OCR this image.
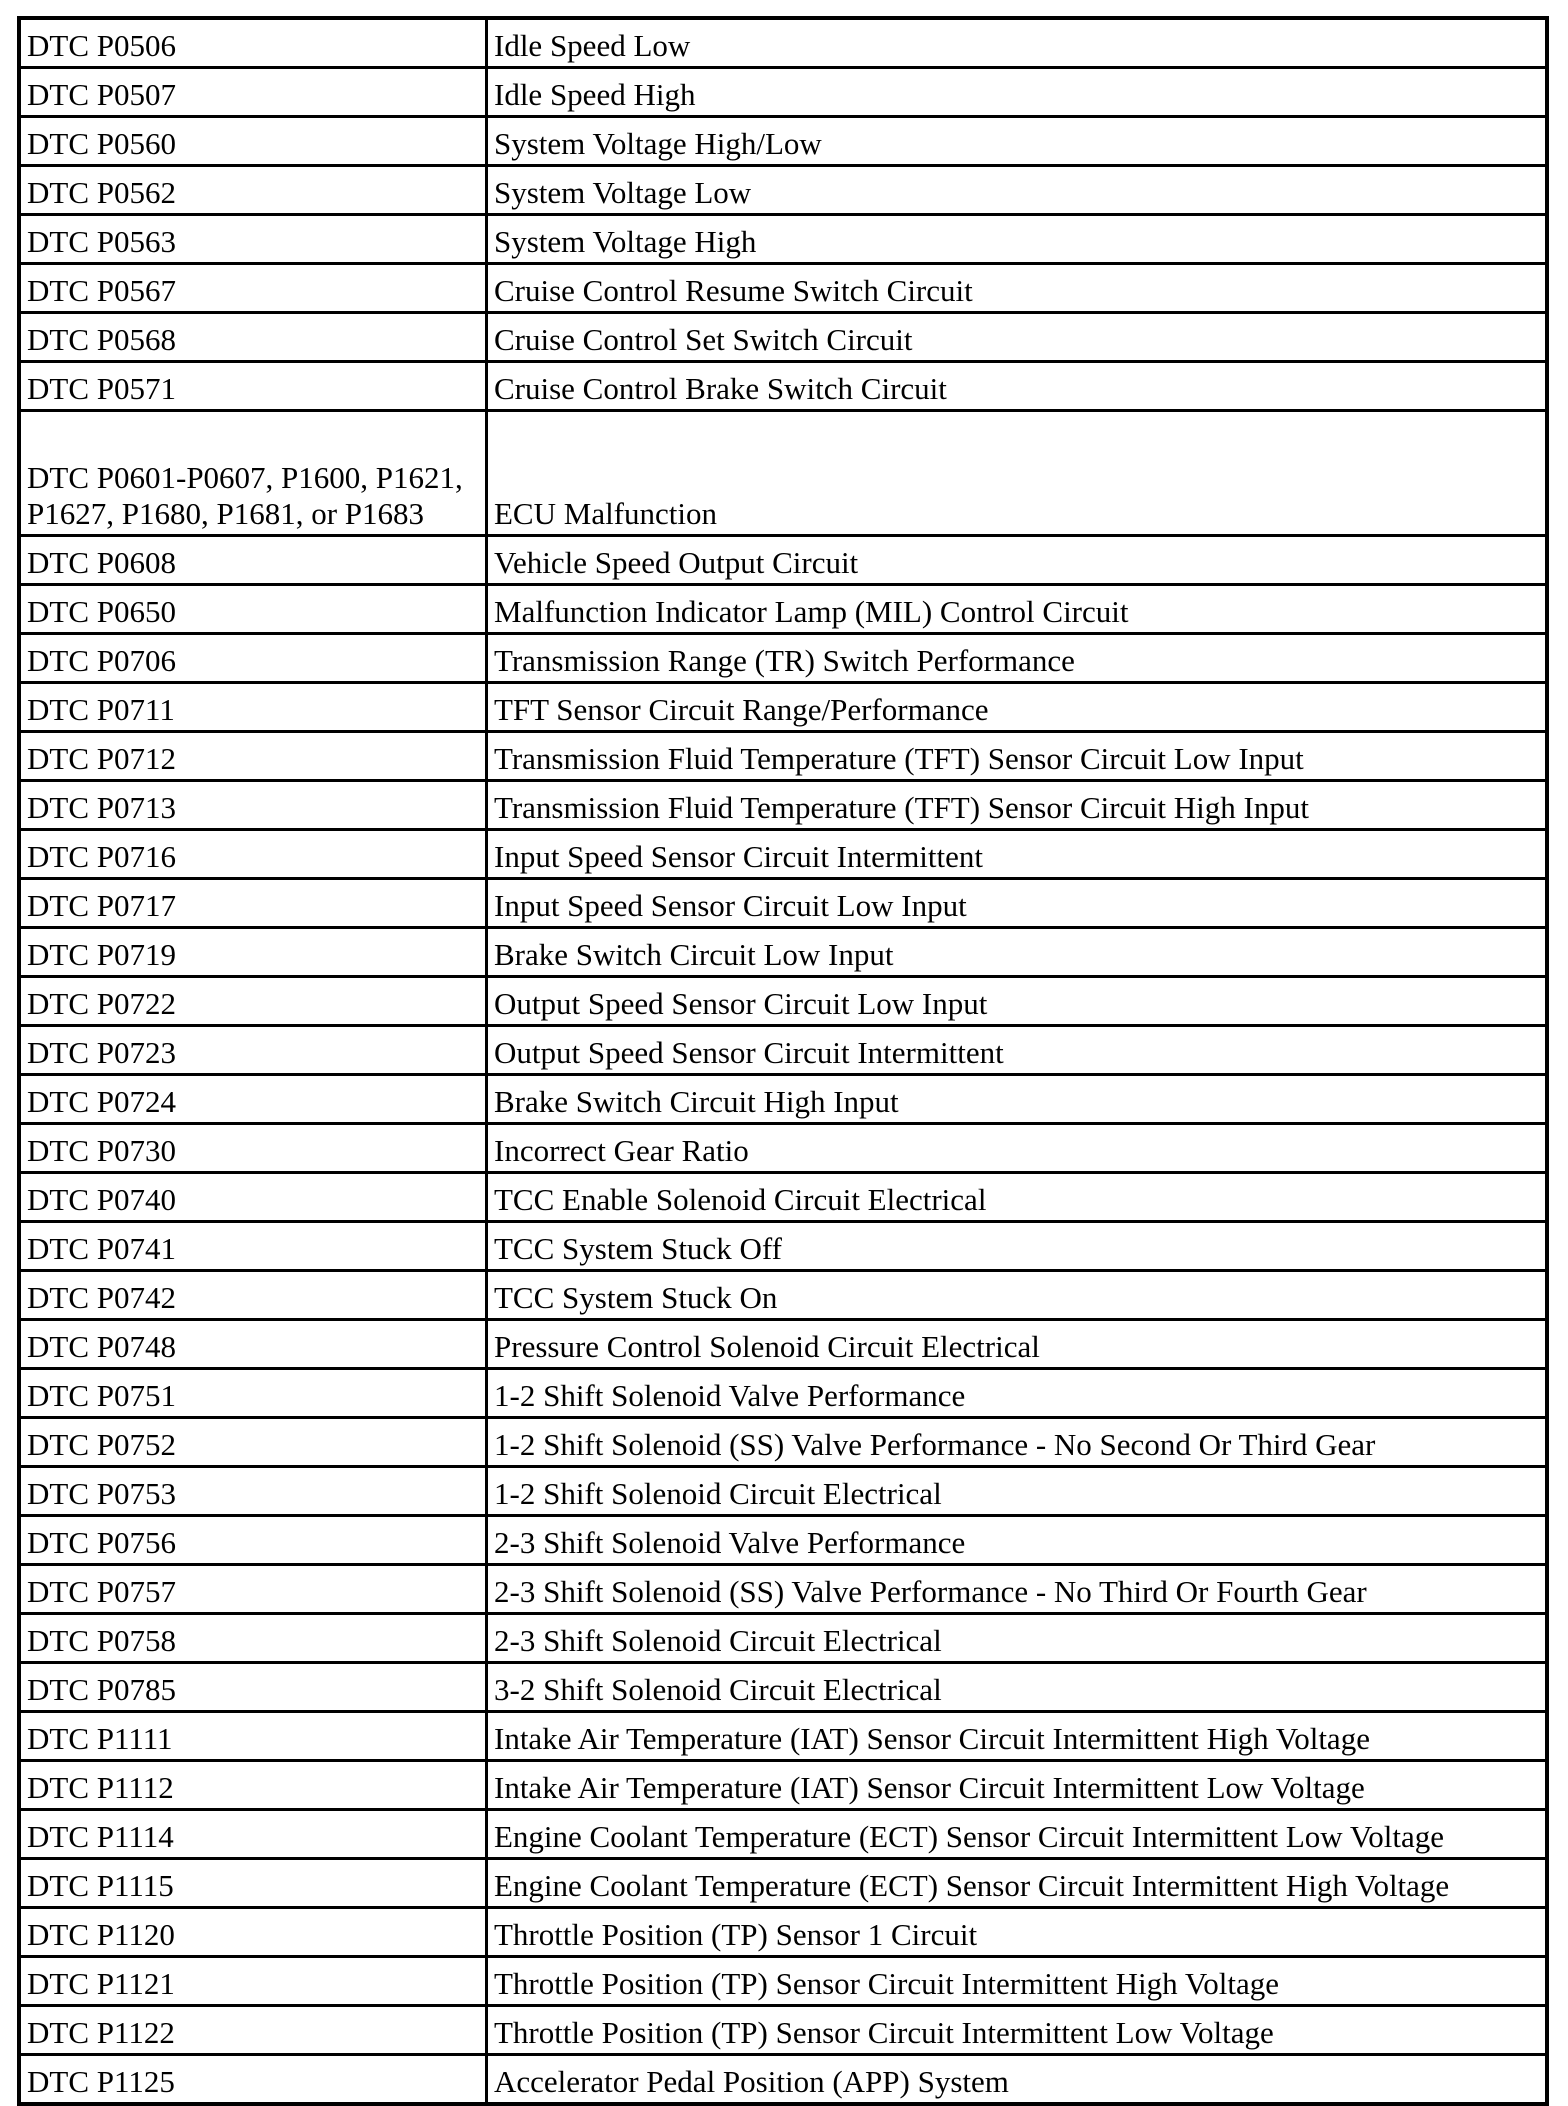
DTC P0506	Idle Speed Low
DTC P0507	Idle Speed High
DTC P0560	System Voltage High/Low
DTC P0562	System Voltage Low
DTC P0563	System Voltage High
DTC P0567	Cruise Control Resume Switch Circuit
DTC P0568	Cruise Control Set Switch Circuit
DTC P0571	Cruise Control Brake Switch Circuit
DTC P0601-P0607, P1600, P1621, P1627, P1680, P1681, or P1683	ECU Malfunction
DTC P0608	Vehicle Speed Output Circuit
DTC P0650	Malfunction Indicator Lamp (MIL) Control Circuit
DTC P0706	Transmission Range (TR) Switch Performance
DTC P0711	TFT Sensor Circuit Range/Performance
DTC P0712	Transmission Fluid Temperature (TFT) Sensor Circuit Low Input
DTC P0713	Transmission Fluid Temperature (TFT) Sensor Circuit High Input
DTC P0716	Input Speed Sensor Circuit Intermittent
DTC P0717	Input Speed Sensor Circuit Low Input
DTC P0719	Brake Switch Circuit Low Input
DTC P0722	Output Speed Sensor Circuit Low Input
DTC P0723	Output Speed Sensor Circuit Intermittent
DTC P0724	Brake Switch Circuit High Input
DTC P0730	Incorrect Gear Ratio
DTC P0740	TCC Enable Solenoid Circuit Electrical
DTC P0741	TCC System Stuck Off
DTC P0742	TCC System Stuck On
DTC P0748	Pressure Control Solenoid Circuit Electrical
DTC P0751	1-2 Shift Solenoid Valve Performance
DTC P0752	1-2 Shift Solenoid (SS) Valve Performance - No Second Or Third Gear
DTC P0753	1-2 Shift Solenoid Circuit Electrical
DTC P0756	2-3 Shift Solenoid Valve Performance
DTC P0757	2-3 Shift Solenoid (SS) Valve Performance - No Third Or Fourth Gear
DTC P0758	2-3 Shift Solenoid Circuit Electrical
DTC P0785	3-2 Shift Solenoid Circuit Electrical
DTC P1111	Intake Air Temperature (IAT) Sensor Circuit Intermittent High Voltage
DTC P1112	Intake Air Temperature (IAT) Sensor Circuit Intermittent Low Voltage
DTC P1114	Engine Coolant Temperature (ECT) Sensor Circuit Intermittent Low Voltage
DTC P1115	Engine Coolant Temperature (ECT) Sensor Circuit Intermittent High Voltage
DTC P1120	Throttle Position (TP) Sensor 1 Circuit
DTC P1121	Throttle Position (TP) Sensor Circuit Intermittent High Voltage
DTC P1122	Throttle Position (TP) Sensor Circuit Intermittent Low Voltage
DTC P1125	Accelerator Pedal Position (APP) System
